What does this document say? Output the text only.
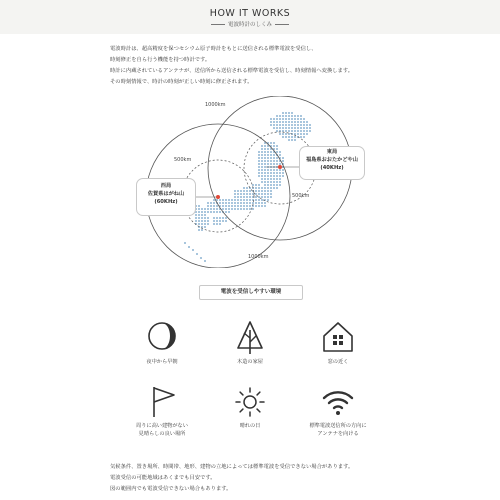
HOW IT WORKS
電波時計のしくみ

電波時計は、超高精度を保つセシウム原子時計をもとに送信される標準電波を受信し、

時刻修正を自ら行う機能を持つ時計です。

時計に内蔵されているアンテナが、送信所から送信される標準電波を受信し、時刻情報へ変換します。

その時刻情報で、時計の時刻が正しい時刻に修正されます。

1000km
500km
500km
1000km
東局
福島県おおたかどや山
(40KHz)
西局
佐賀県はがね山
(60KHz)
電波を受信しやすい環境
夜中から早朝	木造の家屋	窓の近く
周りに高い建物がない
見晴らしの良い場所
晴れの日	標準電波送信所の方向に
アンテナを向ける

気候条件、置き場所、時間帯、地形、建物の立地によっては標準電波を受信できない場合があります。

電波受信の可能地域はあくまでも目安です。

図の範囲内でも電波受信できない場合もあります。
